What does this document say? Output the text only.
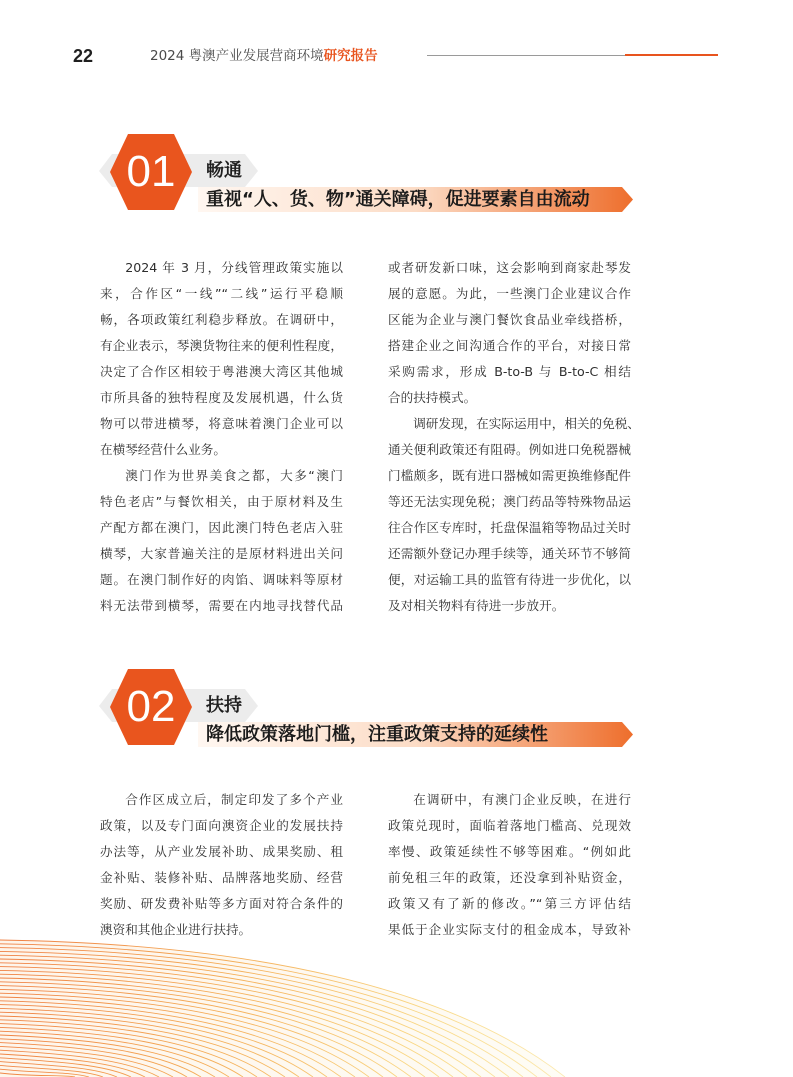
22	2024 粤澳产业发展营商环境研究报告
01	畅通
重视“人、货、物”通关障碍，促进要素自由流动
2024 年 3 月，分线管理政策实施以
来，合作区“一线”“二线”运行平稳顺
畅，各项政策红利稳步释放。在调研中，
有企业表示，琴澳货物往来的便利性程度，
决定了合作区相较于粤港澳大湾区其他城
市所具备的独特程度及发展机遇，什么货
物可以带进横琴，将意味着澳门企业可以
在横琴经营什么业务。
澳门作为世界美食之都，大多“澳门
特色老店”与餐饮相关，由于原材料及生
产配方都在澳门，因此澳门特色老店入驻
横琴，大家普遍关注的是原材料进出关问
题。在澳门制作好的肉馅、调味料等原材
料无法带到横琴，需要在内地寻找替代品
或者研发新口味，这会影响到商家赴琴发
展的意愿。为此，一些澳门企业建议合作
区能为企业与澳门餐饮食品业牵线搭桥，
搭建企业之间沟通合作的平台，对接日常
采购需求，形成 B-to-B 与 B-to-C 相结
合的扶持模式。
调研发现，在实际运用中，相关的免税、
通关便利政策还有阻碍。例如进口免税器械
门槛颇多，既有进口器械如需更换维修配件
等还无法实现免税；澳门药品等特殊物品运
往合作区专库时，托盘保温箱等物品过关时
还需额外登记办理手续等，通关环节不够简
便，对运输工具的监管有待进一步优化，以
及对相关物料有待进一步放开。
02	扶持
降低政策落地门槛，注重政策支持的延续性
合作区成立后，制定印发了多个产业
政策，以及专门面向澳资企业的发展扶持
办法等，从产业发展补助、成果奖励、租
金补贴、装修补贴、品牌落地奖励、经营
奖励、研发费补贴等多方面对符合条件的
澳资和其他企业进行扶持。
在调研中，有澳门企业反映，在进行
政策兑现时，面临着落地门槛高、兑现效
率慢、政策延续性不够等困难。“例如此
前免租三年的政策，还没拿到补贴资金，
政策又有了新的修改。”“第三方评估结
果低于企业实际支付的租金成本，导致补
